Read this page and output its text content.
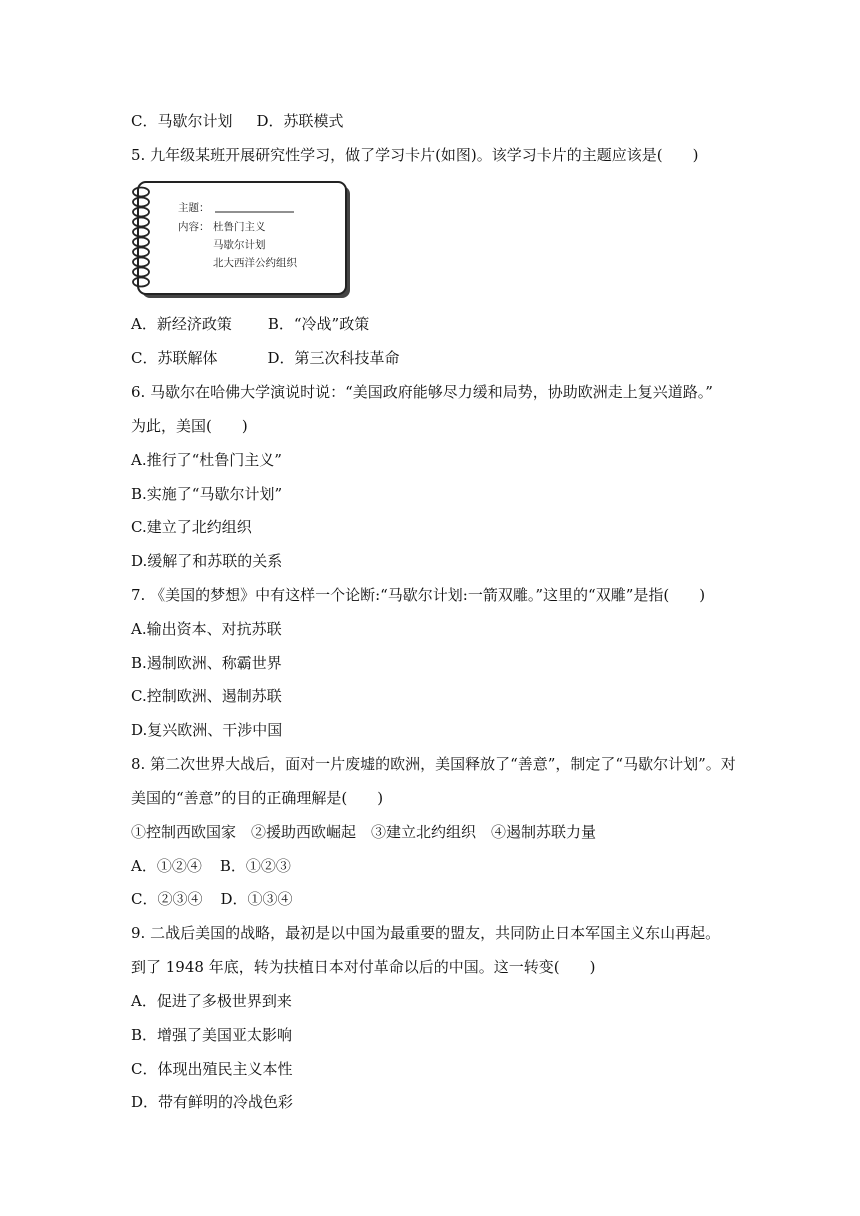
C．马歇尔计划 D．苏联模式
5. 九年级某班开展研究性学习，做了学习卡片(如图)。该学习卡片的主题应该是(　　)
主题：
内容： 杜鲁门主义
马歇尔计划
北大西洋公约组织
A．新经济政策 B．“冷战”政策
C．苏联解体	D．第三次科技革命
6. 马歇尔在哈佛大学演说时说：“美国政府能够尽力缓和局势，协助欧洲走上复兴道路。”
为此，美国(　　)
A.推行了“杜鲁门主义”
B.实施了“马歇尔计划”
C.建立了北约组织
D.缓解了和苏联的关系
7. 《美国的梦想》中有这样一个论断:“马歇尔计划:一箭双雕。”这里的“双雕”是指(　　)
A.输出资本、对抗苏联
B.遏制欧洲、称霸世界
C.控制欧洲、遏制苏联
D.复兴欧洲、干涉中国
8. 第二次世界大战后，面对一片废墟的欧洲，美国释放了“善意”，制定了“马歇尔计划”。对
美国的“善意”的目的正确理解是(　　)
①控制西欧国家　②援助西欧崛起　③建立北约组织　④遏制苏联力量
A．①②④ B．①②③
C．②③④ D．①③④
9. 二战后美国的战略，最初是以中国为最重要的盟友，共同防止日本军国主义东山再起。
到了 1948 年底，转为扶植日本对付革命以后的中国。这一转变(　　)
A．促进了多极世界到来
B．增强了美国亚太影响
C．体现出殖民主义本性
D．带有鲜明的冷战色彩
